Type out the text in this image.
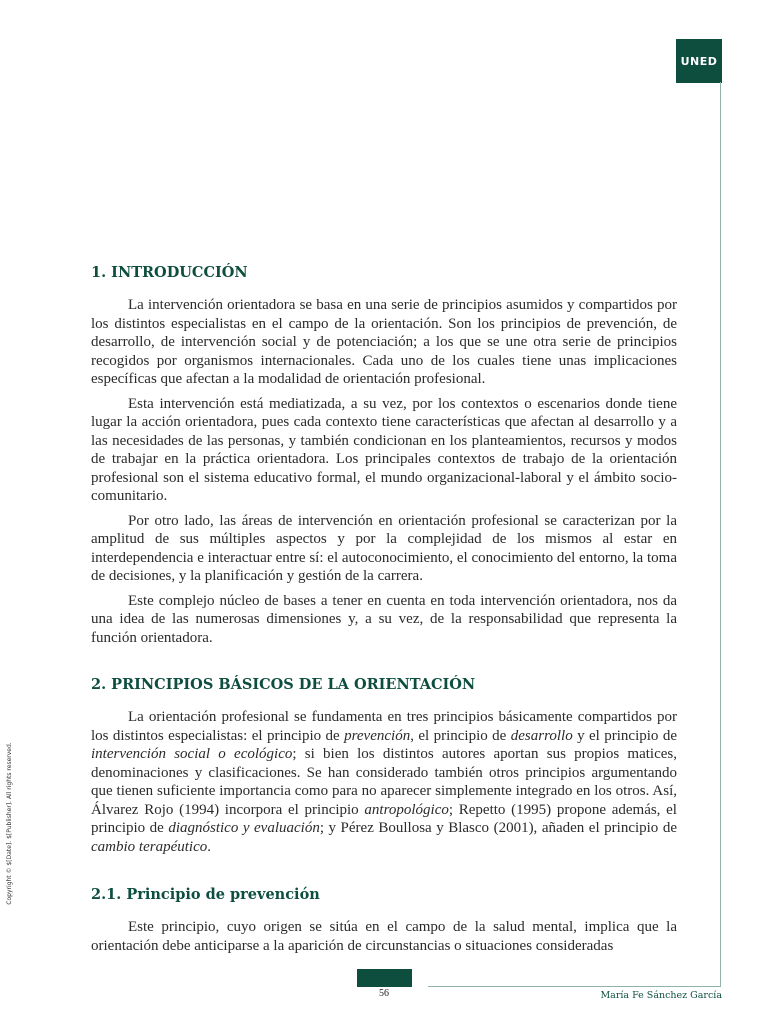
UNED
Copyright © $[Date]. $[Publisher]. All rights reserved.
1. INTRODUCCIÓN

La intervención orientadora se basa en una serie de principios asumidos y compartidos por los distintos especialistas en el campo de la orientación. Son los principios de prevención, de desarrollo, de intervención social y de potenciación; a los que se une otra serie de principios recogidos por organismos internacionales. Cada uno de los cuales tiene unas implicaciones específicas que afectan a la modalidad de orientación profesional.

Esta intervención está mediatizada, a su vez, por los contextos o escenarios donde tiene lugar la acción orientadora, pues cada contexto tiene características que afectan al desarrollo y a las necesidades de las personas, y también condicionan en los planteamientos, recursos y modos de trabajar en la práctica orientadora. Los principales contextos de trabajo de la orientación profesional son el sistema educativo formal, el mundo organizacional-laboral y el ámbito socio-comunitario.

Por otro lado, las áreas de intervención en orientación profesional se caracterizan por la amplitud de sus múltiples aspectos y por la complejidad de los mismos al estar en interdependencia e interactuar entre sí: el autoconocimiento, el conocimiento del entorno, la toma de decisiones, y la planificación y gestión de la carrera.

Este complejo núcleo de bases a tener en cuenta en toda intervención orientadora, nos da una idea de las numerosas dimensiones y, a su vez, de la responsabilidad que representa la función orientadora.

2. PRINCIPIOS BÁSICOS DE LA ORIENTACIÓN

La orientación profesional se fundamenta en tres principios básicamente compartidos por los distintos especialistas: el principio de prevención, el principio de desarrollo y el principio de intervención social o ecológico; si bien los distintos autores aportan sus propios matices, denominaciones y clasificaciones. Se han considerado también otros principios argumentando que tienen suficiente importancia como para no aparecer simplemente integrado en los otros. Así, Álvarez Rojo (1994) incorpora el principio antropológico; Repetto (1995) propone además, el principio de diagnóstico y evaluación; y Pérez Boullosa y Blasco (2001), añaden el principio de cambio terapéutico.

2.1. Principio de prevención

Este principio, cuyo origen se sitúa en el campo de la salud mental, implica que la orientación debe anticiparse a la aparición de circunstancias o situaciones consideradas

56	María Fe Sánchez García
